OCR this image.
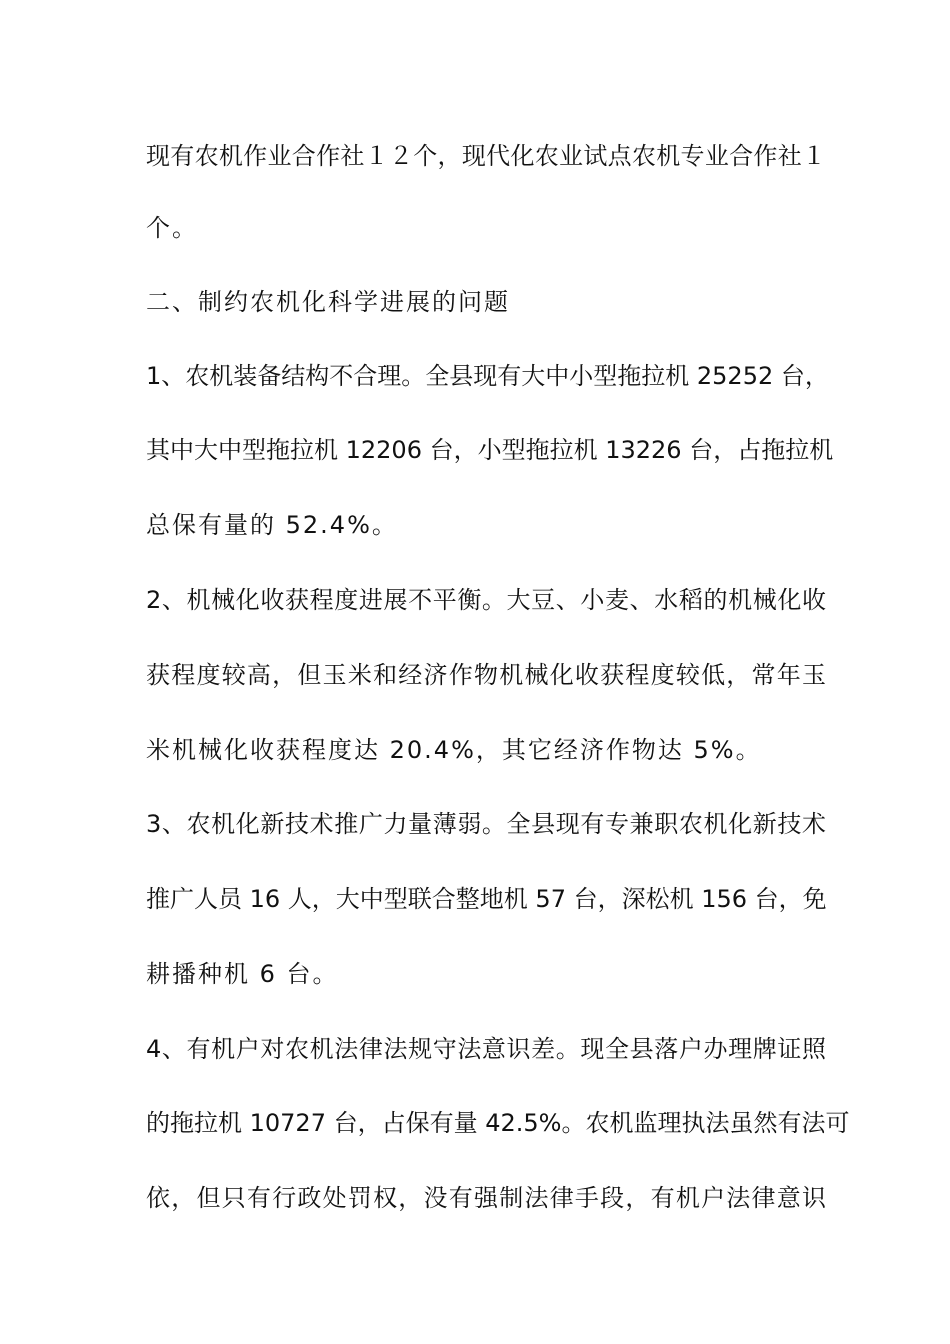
现有农机作业合作社１２个，现代化农业试点农机专业合作社１
个。
二、制约农机化科学进展的问题
1、农机装备结构不合理。全县现有大中小型拖拉机 25252 台，
其中大中型拖拉机 12206 台，小型拖拉机 13226 台，占拖拉机
总保有量的 52.4%。
2、机械化收获程度进展不平衡。大豆、小麦、水稻的机械化收
获程度较高，但玉米和经济作物机械化收获程度较低，常年玉
米机械化收获程度达 20.4%，其它经济作物达 5%。
3、农机化新技术推广力量薄弱。全县现有专兼职农机化新技术
推广人员 16 人，大中型联合整地机 57 台，深松机 156 台，免
耕播种机 6 台。
4、有机户对农机法律法规守法意识差。现全县落户办理牌证照
的拖拉机 10727 台，占保有量 42.5%。农机监理执法虽然有法可
依，但只有行政处罚权，没有强制法律手段，有机户法律意识
